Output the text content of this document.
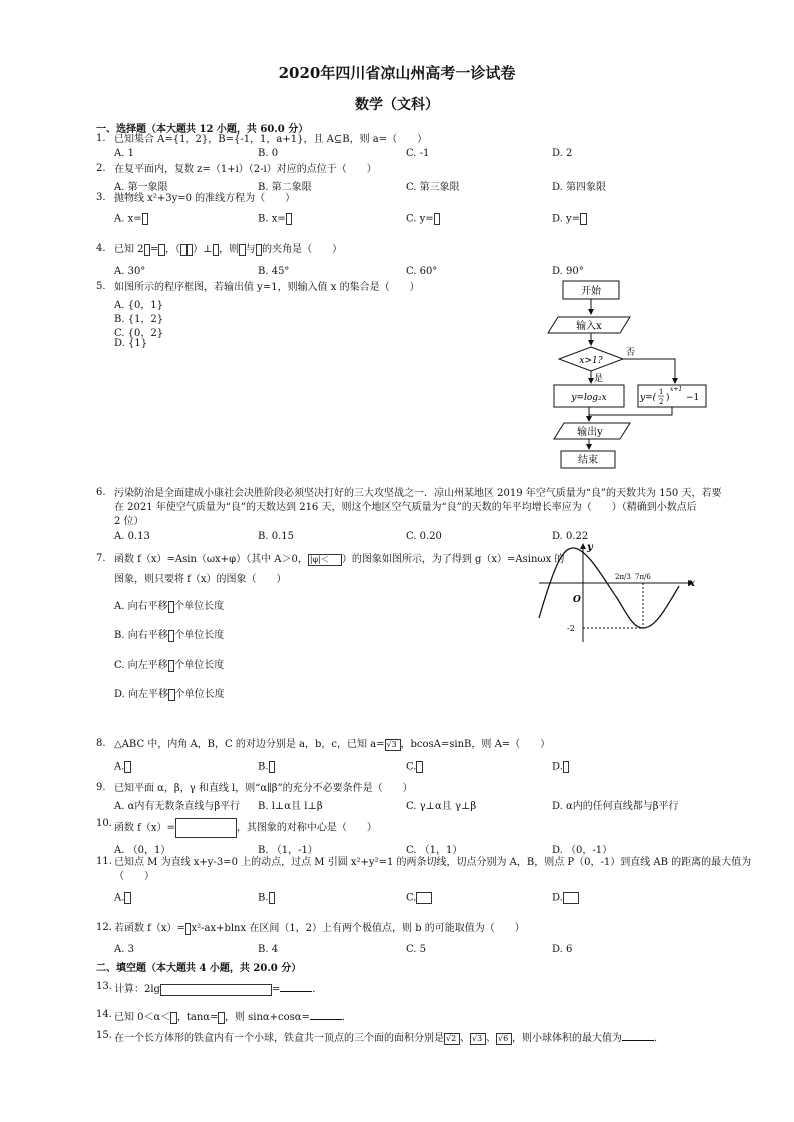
2020年四川省凉山州高考一诊试卷
数学（文科）
一、选择题（本大题共 12 小题，共 60.0 分）
1. 已知集合 A={1，2}，B={-1，1，a+1}，且 A⊆B，则 a=（　　）
A. 1	B. 0	C. -1	D. 2
2. 在复平面内，复数 z=（1+i）（2-i）对应的点位于（　　）
A. 第一象限	B. 第二象限	C. 第三象限	D. 第四象限
3. 抛物线 x²+3y=0 的准线方程为（　　）
A. x=	B. x=	C. y=	D. y=
4. 已知 2 = ，（ ）⊥ ，则 与 的夹角是（　　）
A. 30°	B. 45°	C. 60°	D. 90°
5. 如图所示的程序框图，若输出值 y=1，则输入值 x 的集合是（　　）
A. {0，1}
B. {1，2}
C. {0，2}
D. {1}
开始
输入x
x>1?
否
是
y=log₂x	y=(
1
2 )
x+1
−1
输出y
结束
6. 污染防治是全面建成小康社会决胜阶段必须坚决打好的三大攻坚战之一．凉山州某地区 2019 年空气质量为“良”的天数共为 150 天，若要
在 2021 年使空气质量为“良”的天数达到 216 天，则这个地区空气质量为“良”的天数的年平均增长率应为（　　）（精确到小数点后
2 位）
A. 0.13	B. 0.15	C. 0.20	D. 0.22
7. 函数 f（x）=Asin（ωx+φ）（其中 A＞0， |φ|＜ ）的图象如图所示，为了得到 g（x）=Asinωx 的
图象，则只要将 f（x）的图象（　　）
A. 向右平移 个单位长度
B. 向右平移 个单位长度
C. 向左平移 个单位长度
D. 向左平移 个单位长度
x
y
O
2π/3 7π/6
-2
8. △ABC 中，内角 A，B，C 的对边分别是 a，b，c，已知 a= √3 ，bcosA=sinB，则 A=（　　）
A.	B.	C.	D.
9. 已知平面 α，β，γ 和直线 l，则“α∥β”的充分不必要条件是（　　）
A. α内有无数条直线与β平行 B. l⊥α且 l⊥β	C. γ⊥α且 γ⊥β	D. α内的任何直线都与β平行
10. 函数 f（x）=	，其图象的对称中心是（　　）
A. （0，1）	B. （1，-1）	C. （1，1）	D. （0，-1）
11. 已知点 M 为直线 x+y-3=0 上的动点，过点 M 引圆 x²+y²=1 的两条切线，切点分别为 A，B，则点 P（0，-1）到直线 AB 的距离的最大值为
（　　）
A.	B.	C.	D.
12. 若函数 f（x）= x²-ax+blnx 在区间（1，2）上有两个极值点，则 b 的可能取值为（　　）
A. 3	B. 4	C. 5	D. 6
二、填空题（本大题共 4 小题，共 20.0 分）
13. 计算：2lg	=	．
14. 已知 0＜α＜ ，tanα= ，则 sinα+cosα=	．
15. 在一个长方体形的铁盒内有一个小球，铁盒共一顶点的三个面的面积分别是 √2 、 √3 、 √6 ，则小球体积的最大值为	．
